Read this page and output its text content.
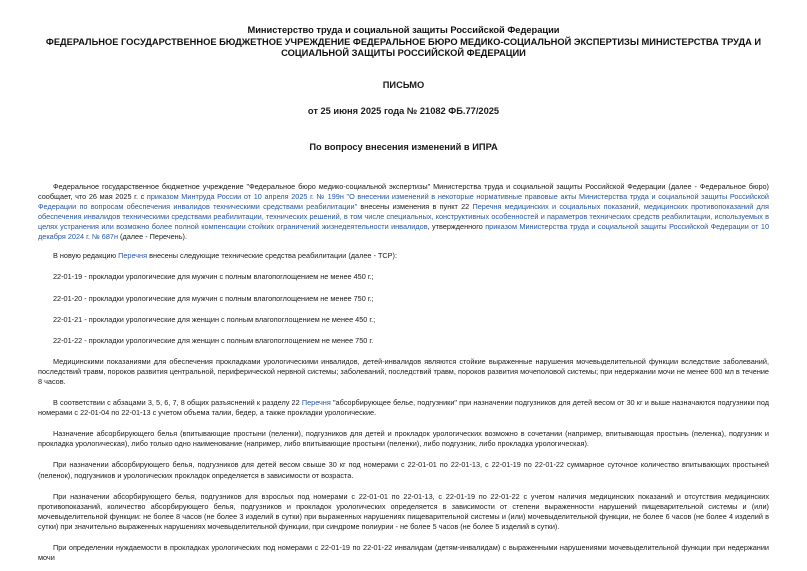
Министерство труда и социальной защиты Российской Федерации
ФЕДЕРАЛЬНОЕ ГОСУДАРСТВЕННОЕ БЮДЖЕТНОЕ УЧРЕЖДЕНИЕ ФЕДЕРАЛЬНОЕ БЮРО МЕДИКО-СОЦИАЛЬНОЙ ЭКСПЕРТИЗЫ МИНИСТЕРСТВА ТРУДА И
СОЦИАЛЬНОЙ ЗАЩИТЫ РОССИЙСКОЙ ФЕДЕРАЦИИ
ПИСЬМО
от 25 июня 2025 года № 21082 ФБ.77/2025
По вопросу внесения изменений в ИПРА

Федеральное государственное бюджетное учреждение "Федеральное бюро медико-социальной экспертизы" Министерства труда и социальной защиты Российской Федерации (далее - Федеральное бюро) сообщает, что 26 мая 2025 г. с приказом Минтруда России от 10 апреля 2025 г. № 199н "О внесении изменений в некоторые нормативные правовые акты Министерства труда и социальной защиты Российской Федерации по вопросам обеспечения инвалидов техническими средствами реабилитации" внесены изменения в пункт 22 Перечня медицинских и социальных показаний, медицинских противопоказаний для обеспечения инвалидов техническими средствами реабилитации, технических решений, в том числе специальных, конструктивных особенностей и параметров технических средств реабилитации, используемых в целях устранения или возможно более полной компенсации стойких ограничений жизнедеятельности инвалидов, утвержденного приказом Министерства труда и социальной защиты Российской Федерации от 10 декабря 2024 г. № 687н (далее - Перечень).

В новую редакцию Перечня внесены следующие технические средства реабилитации (далее - ТСР):

22-01-19 - прокладки урологические для мужчин с полным влагопоглощением не менее 450 г.;

22-01-20 - прокладки урологические для мужчин с полным влагопоглощением не менее 750 г.;

22-01-21 - прокладки урологические для женщин с полным влагопоглощением не менее 450 г.;

22-01-22 - прокладки урологические для женщин с полным влагопоглощением не менее 750 г.

Медицинскими показаниями для обеспечения прокладками урологическими инвалидов, детей-инвалидов являются стойкие выраженные нарушения мочевыделительной функции вследствие заболеваний, последствий травм, пороков развития центральной, периферической нервной системы; заболеваний, последствий травм, пороков развития мочеполовой системы; при недержании мочи не менее 600 мл в течение 8 часов.

В соответствии с абзацами 3, 5, 6, 7, 8 общих разъяснений к разделу 22 Перечня "абсорбирующее белье, подгузники" при назначении подгузников для детей весом от 30 кг и выше назначаются подгузники под номерами с 22-01-04 по 22-01-13 с учетом объема талии, бедер, а также прокладки урологические.

Назначение абсорбирующего белья (впитывающие простыни (пеленки), подгузников для детей и прокладок урологических возможно в сочетании (например, впитывающая простынь (пеленка), подгузник и прокладка урологическая), либо только одно наименование (например, либо впитывающие простыни (пеленки), либо подгузник, либо прокладка урологическая).

При назначении абсорбирующего белья, подгузников для детей весом свыше 30 кг под номерами с 22-01-01 по 22-01-13, с 22-01-19 по 22-01-22 суммарное суточное количество впитывающих простыней (пеленок), подгузников и урологических прокладок определяется в зависимости от возраста.

При назначении абсорбирующего белья, подгузников для взрослых под номерами с 22-01-01 по 22-01-13, с 22-01-19 по 22-01-22 с учетом наличия медицинских показаний и отсутствия медицинских противопоказаний, количество абсорбирующего белья, подгузников и прокладок урологических определяется в зависимости от степени выраженности нарушений пищеварительной системы и (или) мочевыделительной функции: не более 8 часов (не более 3 изделий в сутки) при выраженных нарушениях пищеварительной системы и (или) мочевыделительной функции, не более 6 часов (не более 4 изделий в сутки) при значительно выраженных нарушениях мочевыделительной функции, при синдроме полиурии - не более 5 часов (не более 5 изделий в сутки).

При определении нуждаемости в прокладках урологических под номерами с 22-01-19 по 22-01-22 инвалидам (детям-инвалидам) с выраженными нарушениями мочевыделительной функции при недержании мочи
